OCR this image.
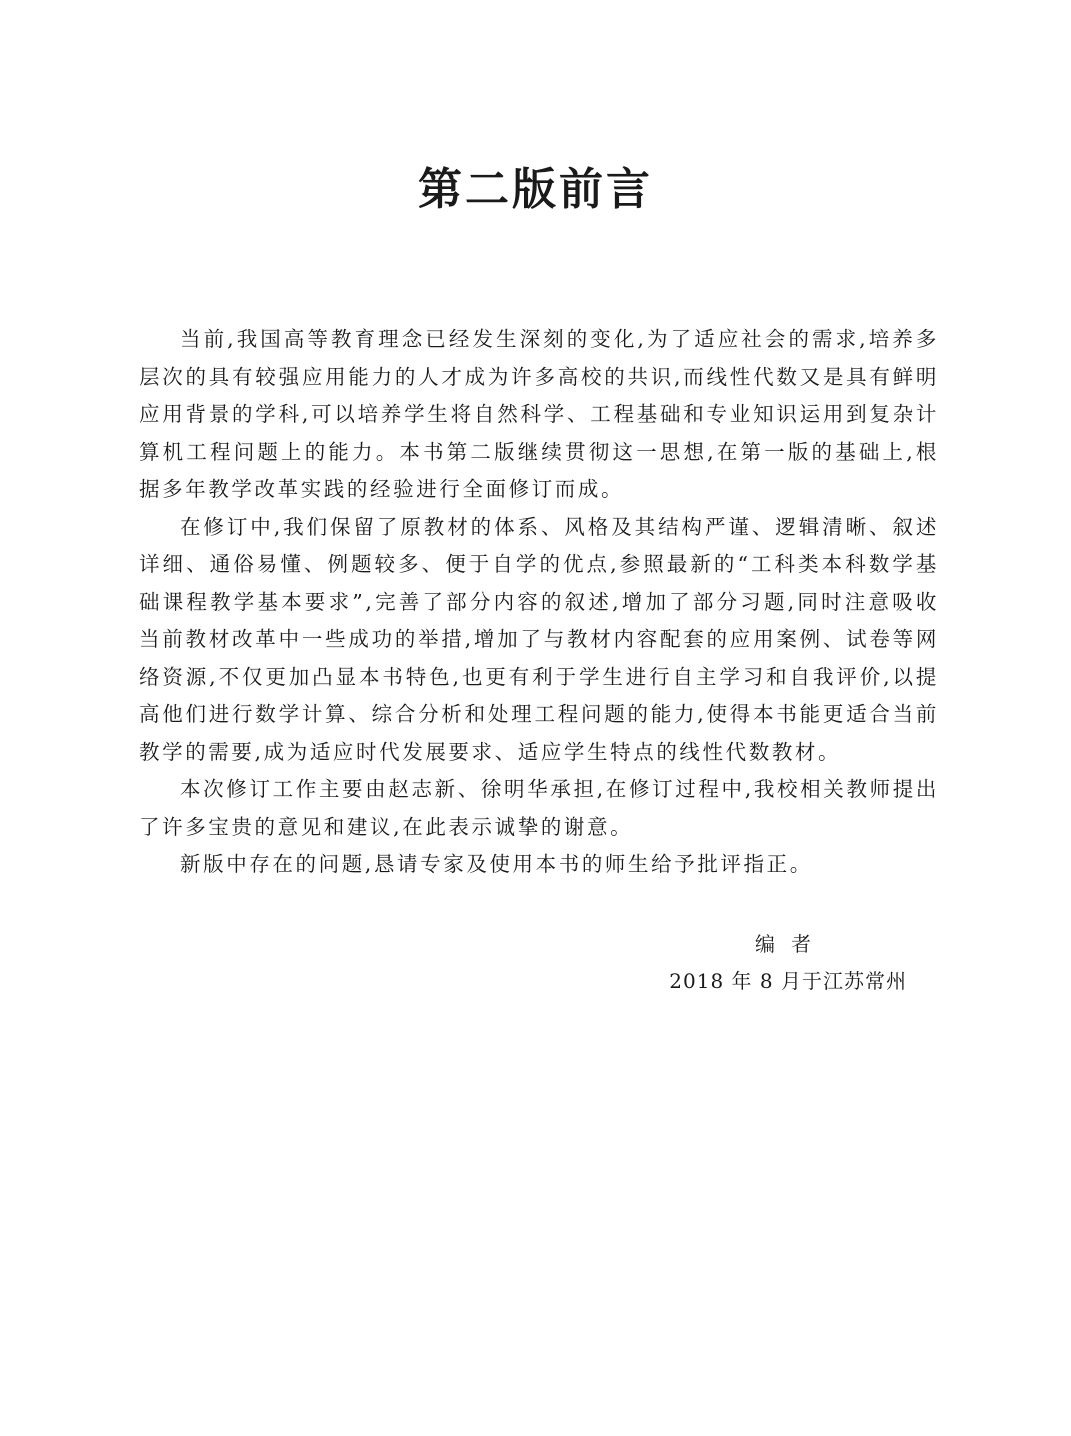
第二版前言

当前,我国高等教育理念已经发生深刻的变化,为了适应社会的需求,培养多层次的具有较强应用能力的人才成为许多高校的共识,而线性代数又是具有鲜明应用背景的学科,可以培养学生将自然科学、工程基础和专业知识运用到复杂计算机工程问题上的能力。本书第二版继续贯彻这一思想,在第一版的基础上,根据多年教学改革实践的经验进行全面修订而成。

在修订中,我们保留了原教材的体系、风格及其结构严谨、逻辑清晰、叙述详细、通俗易懂、例题较多、便于自学的优点,参照最新的“工科类本科数学基础课程教学基本要求”,完善了部分内容的叙述,增加了部分习题,同时注意吸收当前教材改革中一些成功的举措,增加了与教材内容配套的应用案例、试卷等网络资源,不仅更加凸显本书特色,也更有利于学生进行自主学习和自我评价,以提高他们进行数学计算、综合分析和处理工程问题的能力,使得本书能更适合当前教学的需要,成为适应时代发展要求、适应学生特点的线性代数教材。

本次修订工作主要由赵志新、徐明华承担,在修订过程中,我校相关教师提出了许多宝贵的意见和建议,在此表示诚挚的谢意。

新版中存在的问题,恳请专家及使用本书的师生给予批评指正。

编者
2018 年 8 月于江苏常州
